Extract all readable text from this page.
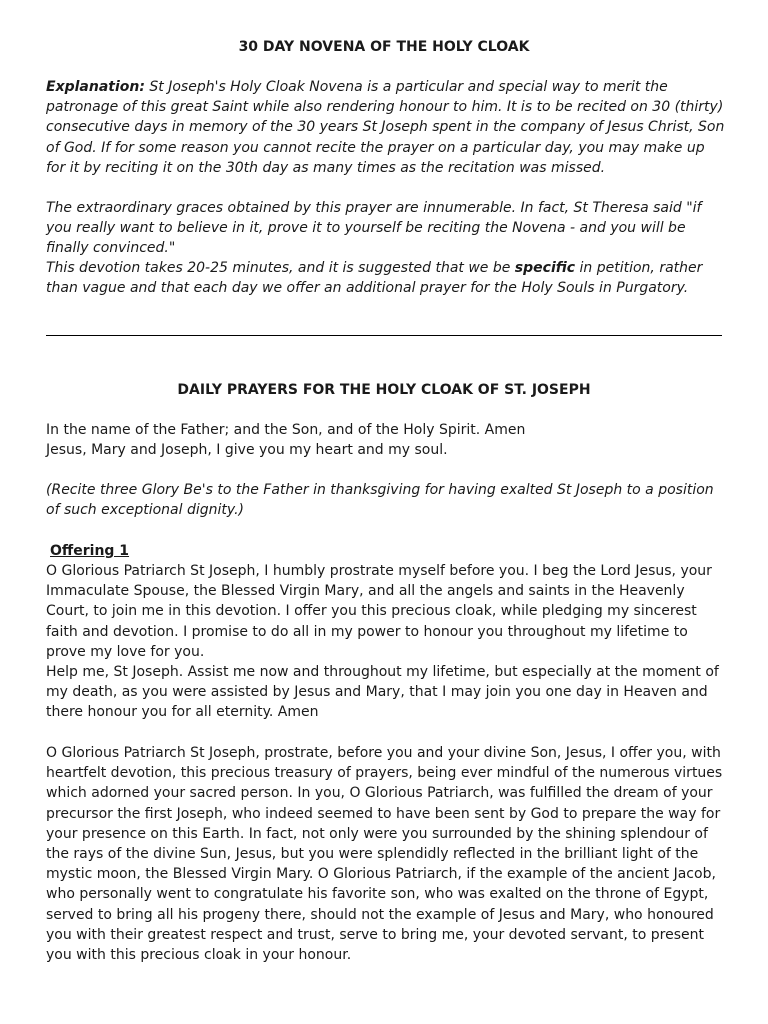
30 DAY NOVENA OF THE HOLY CLOAK

Explanation: St Joseph's Holy Cloak Novena is a particular and special way to merit the patronage of this great Saint while also rendering honour to him. It is to be recited on 30 (thirty) consecutive days in memory of the 30 years St Joseph spent in the company of Jesus Christ, Son of God. If for some reason you cannot recite the prayer on a particular day, you may make up for it by reciting it on the 30th day as many times as the recitation was missed.

The extraordinary graces obtained by this prayer are innumerable. In fact, St Theresa said "if you really want to believe in it, prove it to yourself be reciting the Novena - and you will be finally convinced."

This devotion takes 20-25 minutes, and it is suggested that we be specific in petition, rather than vague and that each day we offer an additional prayer for the Holy Souls in Purgatory.

DAILY PRAYERS FOR THE HOLY CLOAK OF ST. JOSEPH

In the name of the Father; and the Son, and of the Holy Spirit. Amen

Jesus, Mary and Joseph, I give you my heart and my soul.

(Recite three Glory Be's to the Father in thanksgiving for having exalted St Joseph to a position of such exceptional dignity.)

Offering 1

O Glorious Patriarch St Joseph, I humbly prostrate myself before you. I beg the Lord Jesus, your Immaculate Spouse, the Blessed Virgin Mary, and all the angels and saints in the Heavenly Court, to join me in this devotion. I offer you this precious cloak, while pledging my sincerest faith and devotion. I promise to do all in my power to honour you throughout my lifetime to prove my love for you.

Help me, St Joseph. Assist me now and throughout my lifetime, but especially at the moment of my death, as you were assisted by Jesus and Mary, that I may join you one day in Heaven and there honour you for all eternity. Amen

O Glorious Patriarch St Joseph, prostrate, before you and your divine Son, Jesus, I offer you, with heartfelt devotion, this precious treasury of prayers, being ever mindful of the numerous virtues which adorned your sacred person. In you, O Glorious Patriarch, was fulfilled the dream of your precursor the first Joseph, who indeed seemed to have been sent by God to prepare the way for your presence on this Earth. In fact, not only were you surrounded by the shining splendour of the rays of the divine Sun, Jesus, but you were splendidly reflected in the brilliant light of the mystic moon, the Blessed Virgin Mary. O Glorious Patriarch, if the example of the ancient Jacob, who personally went to congratulate his favorite son, who was exalted on the throne of Egypt, served to bring all his progeny there, should not the example of Jesus and Mary, who honoured you with their greatest respect and trust, serve to bring me, your devoted servant, to present you with this precious cloak in your honour.
